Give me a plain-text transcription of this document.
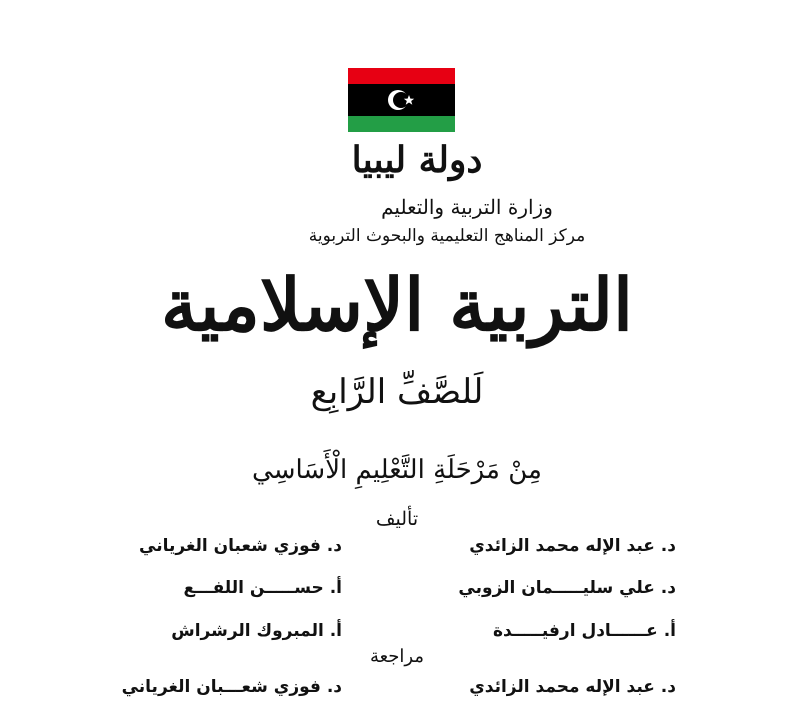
دولة ليبيا
وزارة التربية والتعليم
مركز المناهج التعليمية والبحوث التربوية
التربية الإسلامية
لَلصَّفِّ الرَّابِع
مِنْ مَرْحَلَةِ التَّعْلِيمِ الْأَسَاسِي
تأليف
د. عبد الإله محمد الزائدي
د. فوزي شعبان الغرياني
د. علي سليـــــمان الزوبي
أ. حســـــن اللفـــع
أ. عــــــادل ارفيـــــدة
أ. المبروك الرشراش
مراجعة
د. عبد الإله محمد الزائدي
د. فوزي شعـــبان الغرياني
